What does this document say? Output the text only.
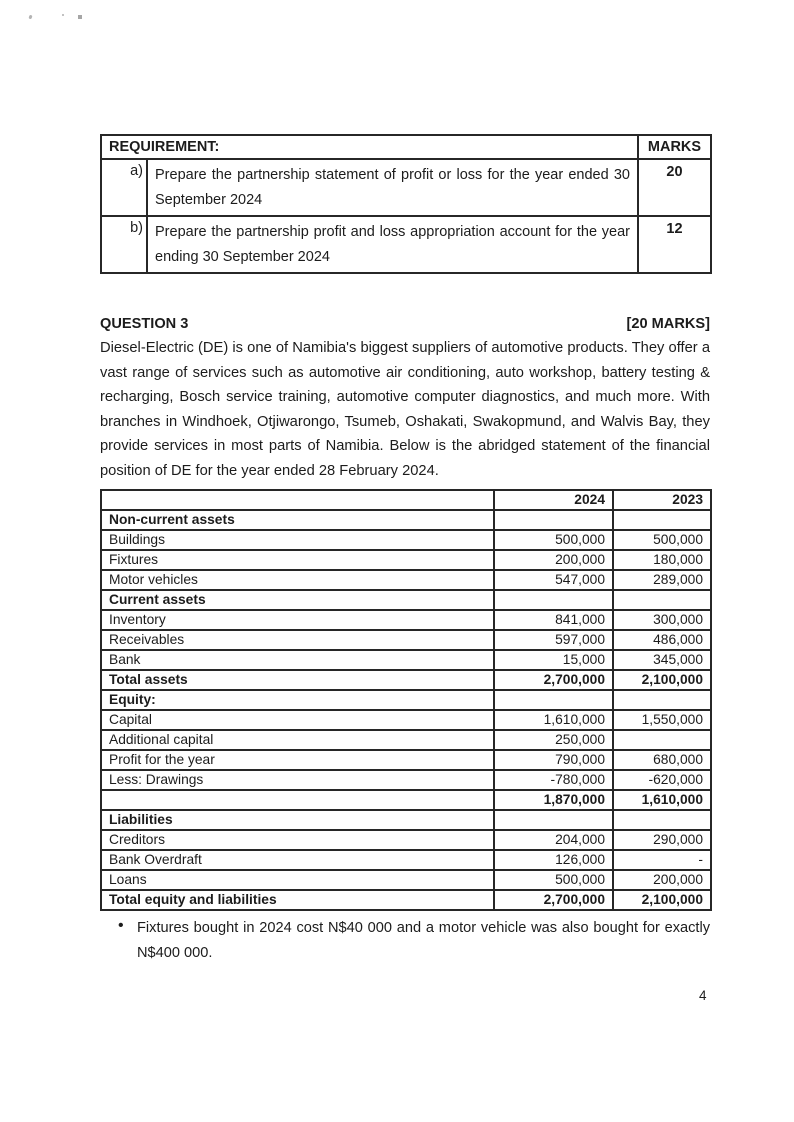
REQUIREMENT:		MARKS
a)	Prepare the partnership statement of profit or loss for the year ended 30 September 2024	20
b)	Prepare the partnership profit and loss appropriation account for the year ending 30 September 2024	12
QUESTION 3	[20 MARKS]

Diesel-Electric (DE) is one of Namibia's biggest suppliers of automotive products. They offer a vast range of services such as automotive air conditioning, auto workshop, battery testing & recharging, Bosch service training, automotive computer diagnostics, and much more. With branches in Windhoek, Otjiwarongo, Tsumeb, Oshakati, Swakopmund, and Walvis Bay, they provide services in most parts of Namibia. Below is the abridged statement of the financial position of DE for the year ended 28 February 2024.

	2024	2023
Non-current assets		
Buildings	500,000	500,000
Fixtures	200,000	180,000
Motor vehicles	547,000	289,000
Current assets		
Inventory	841,000	300,000
Receivables	597,000	486,000
Bank	15,000	345,000
Total assets	2,700,000	2,100,000
Equity:		
Capital	1,610,000	1,550,000
Additional capital	250,000	
Profit for the year	790,000	680,000
Less: Drawings	-780,000	-620,000
	1,870,000	1,610,000
Liabilities		
Creditors	204,000	290,000
Bank Overdraft	126,000	-
Loans	500,000	200,000
Total equity and liabilities	2,700,000	2,100,000
• Fixtures bought in 2024 cost N$40 000 and a motor vehicle was also bought for exactly N$400 000.
4
